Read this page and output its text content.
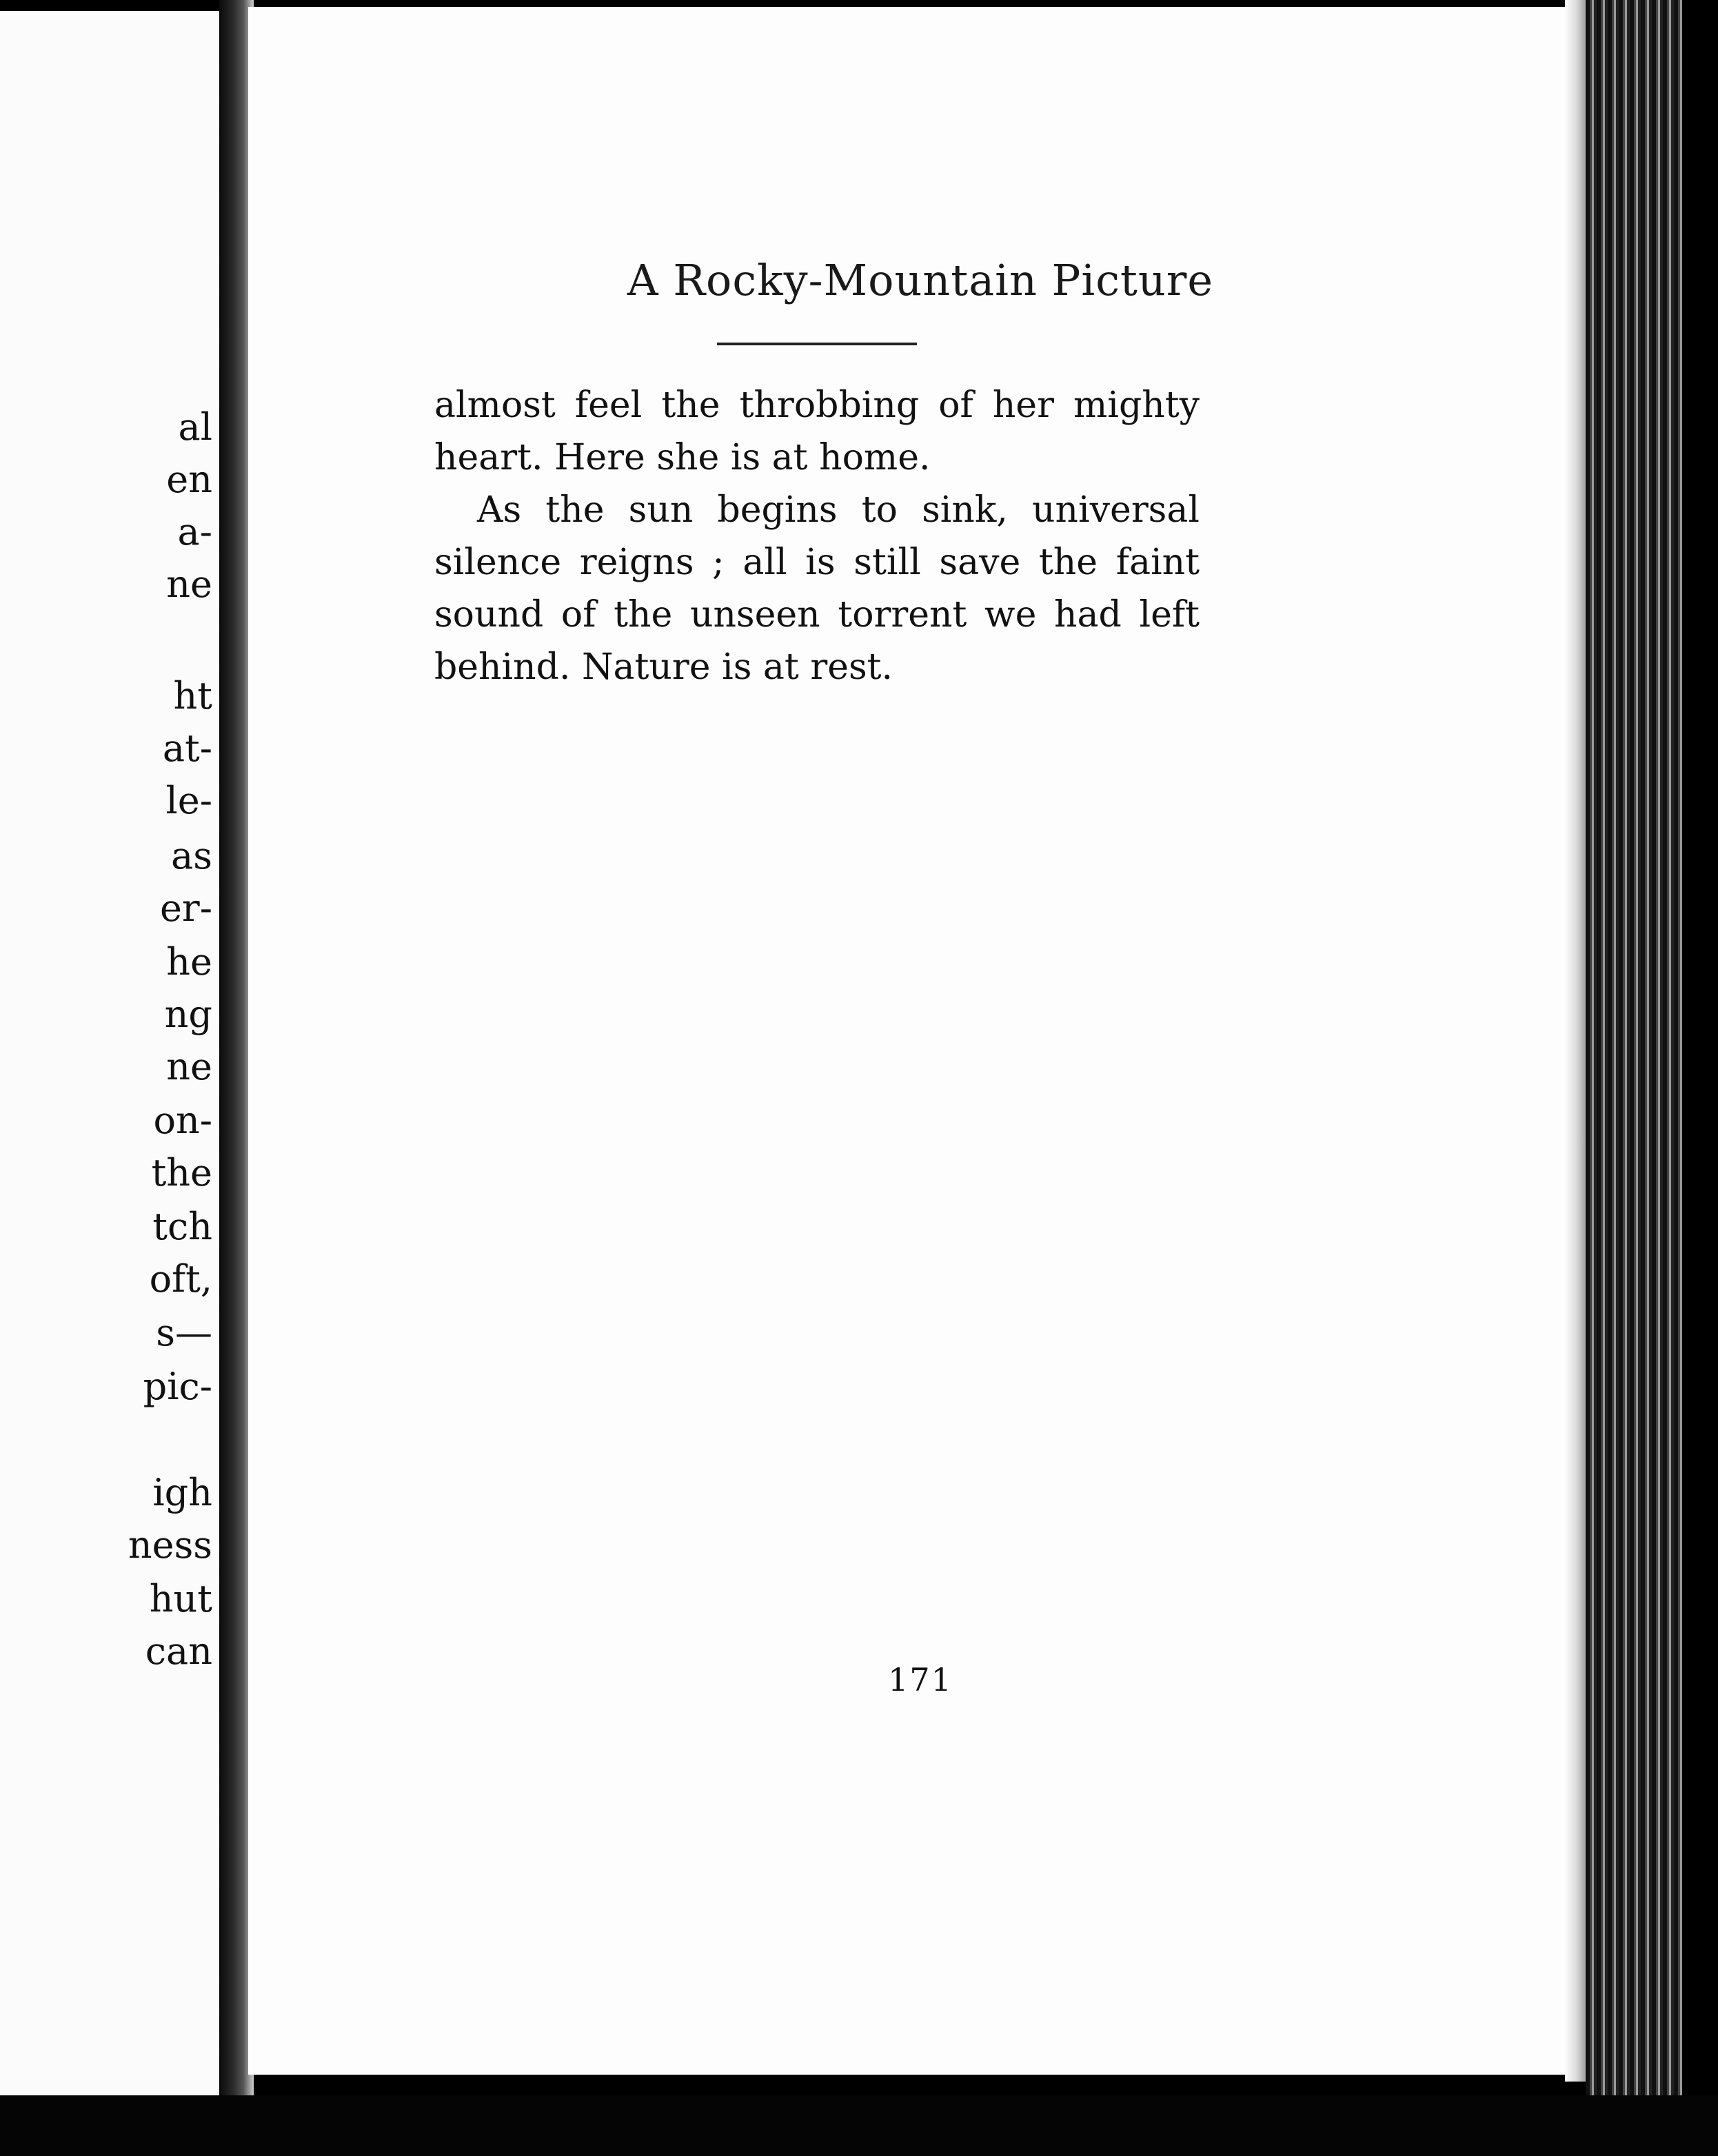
al
en
a-
ne
ht
at-
le-
as
er-
he
ng
ne
on-
the
tch
oft,
s—
pic-
igh
ness
hut
can
A Rocky-Mountain Picture
almost feel the throbbing of her mighty
heart. Here she is at home.
As the sun begins to sink, universal
silence reigns ; all is still save the faint
sound of the unseen torrent we had left
behind. Nature is at rest.
171
